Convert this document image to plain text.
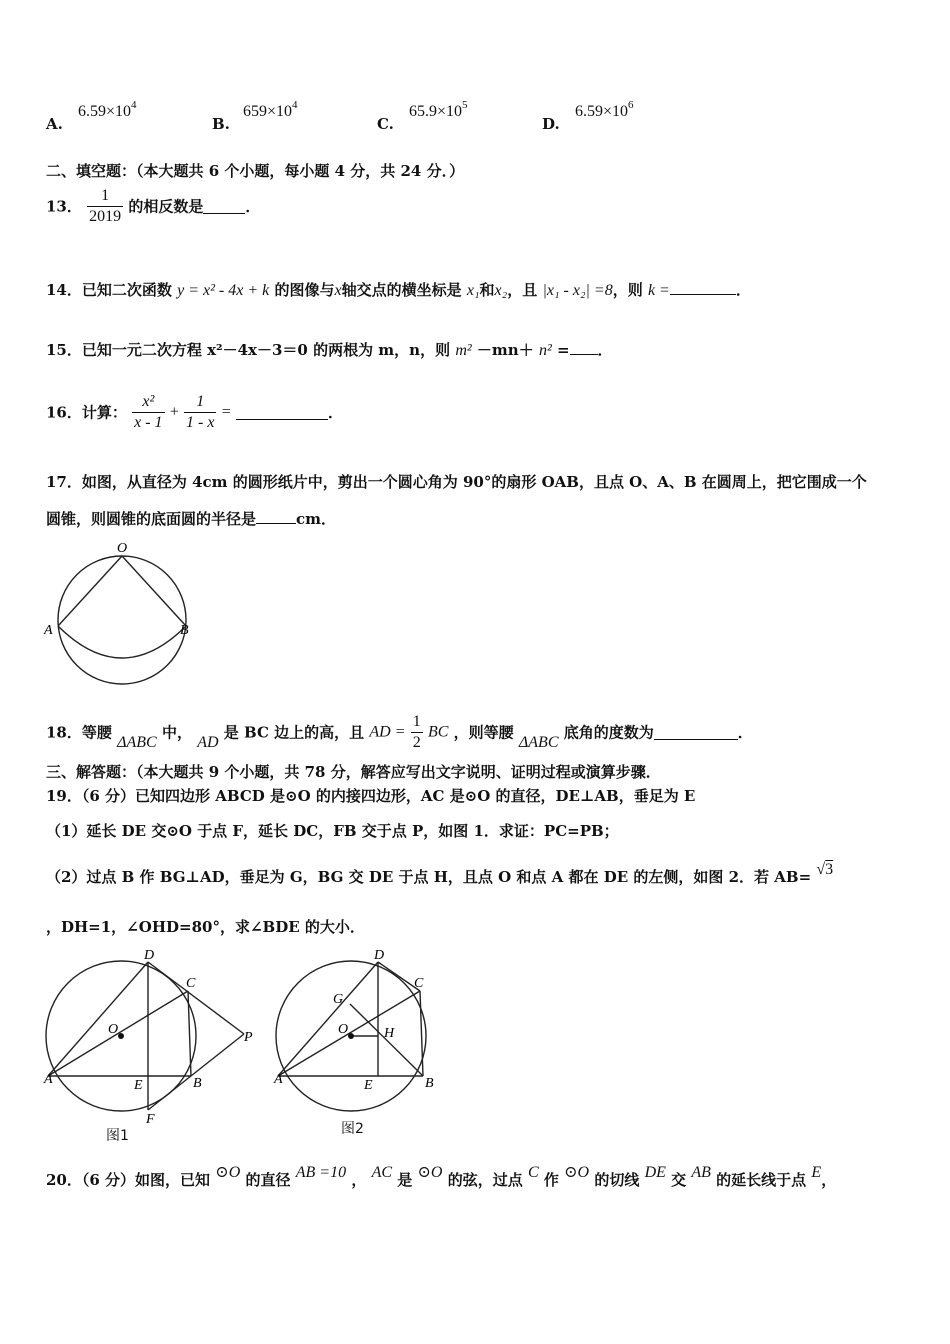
A.
$6.59\times 10^4$
B.
$659\times 10^4$
C.
$65.9\times 10^5$
D.
$6.59\times 10^6$
二、填空题：（本大题共 6 个小题，每小题 4 分，共 24 分．）
13． $\frac{1}{2019}$ 的相反数是	．
14．已知二次函数 y = x² - 4x + k 的图像与x轴交点的横坐标是 x₁和x₂，且 |x₁ - x₂| =8，则 k =	．
15．已知一元二次方程 x²－4x－3＝0 的两根为 m，n，则 m² －mn＋ n² = ．
16．计算： $\frac{\text{x²}}{x - 1} + \frac{1}{1 - x}$ =	．
17．如图，从直径为 4cm 的圆形纸片中，剪出一个圆心角为 90°的扇形 OAB，且点 O、A、B 在圆周上，把它围成一个
圆锥，则圆锥的底面圆的半径是	cm．
O
A	B
18．等腰 ΔABC 中， AD 是 BC 边上的高，且 AD = $\frac{1}{2}$ BC ，则等腰 ΔABC 底角的度数为	．
三、解答题：（本大题共 9 个小题，共 78 分，解答应写出文字说明、证明过程或演算步骤．
19．（6 分）已知四边形 ABCD 是⊙O 的内接四边形，AC 是⊙O 的直径，DE⊥AB，垂足为 E
（1）延长 DE 交⊙O 于点 F，延长 DC，FB 交于点 P，如图 1．求证：PC=PB；
（2）过点 B 作 BG⊥AD，垂足为 G，BG 交 DE 于点 H，且点 O 和点 A 都在 DE 的左侧，如图 2．若 AB= √3
，DH=1，∠OHD=80°，求∠BDE 的大小．
D
C
O
P
A	E	B
F
图1
D
C
G
O	H
A	E	B
图2
20．（6 分）如图，已知 ⊙O 的直径 AB =10 ， AC 是 ⊙O 的弦，过点 C 作 ⊙O 的切线 DE 交 AB 的延长线于点 E，
